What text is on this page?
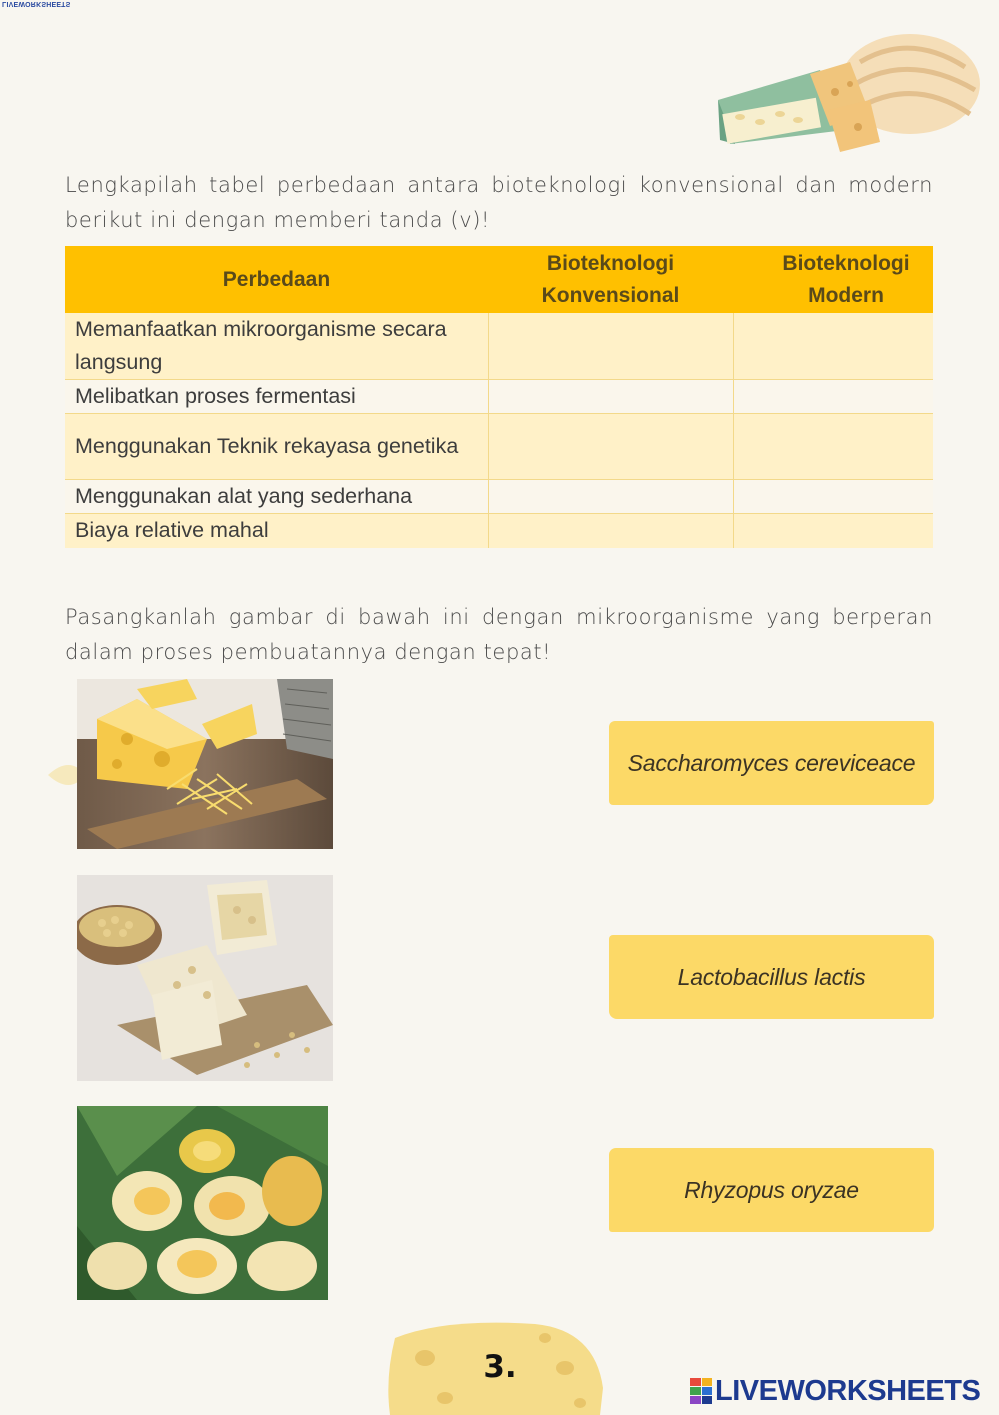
LIVEWORKSHEETS
Lengkapilah tabel perbedaan antara bioteknologi konvensional dan modern berikut ini dengan memberi tanda (v)!
Perbedaan	Bioteknologi Konvensional	Bioteknologi Modern
Memanfaatkan mikroorganisme secara langsung		
Melibatkan proses fermentasi		
Menggunakan Teknik rekayasa genetika		
Menggunakan alat yang sederhana		
Biaya relative mahal		
Pasangkanlah gambar di bawah ini dengan mikroorganisme yang berperan dalam proses pembuatannya dengan tepat!
Saccharomyces cereviceace
Lactobacillus lactis
Rhyzopus oryzae
3.
LIVEWORKSHEETS
